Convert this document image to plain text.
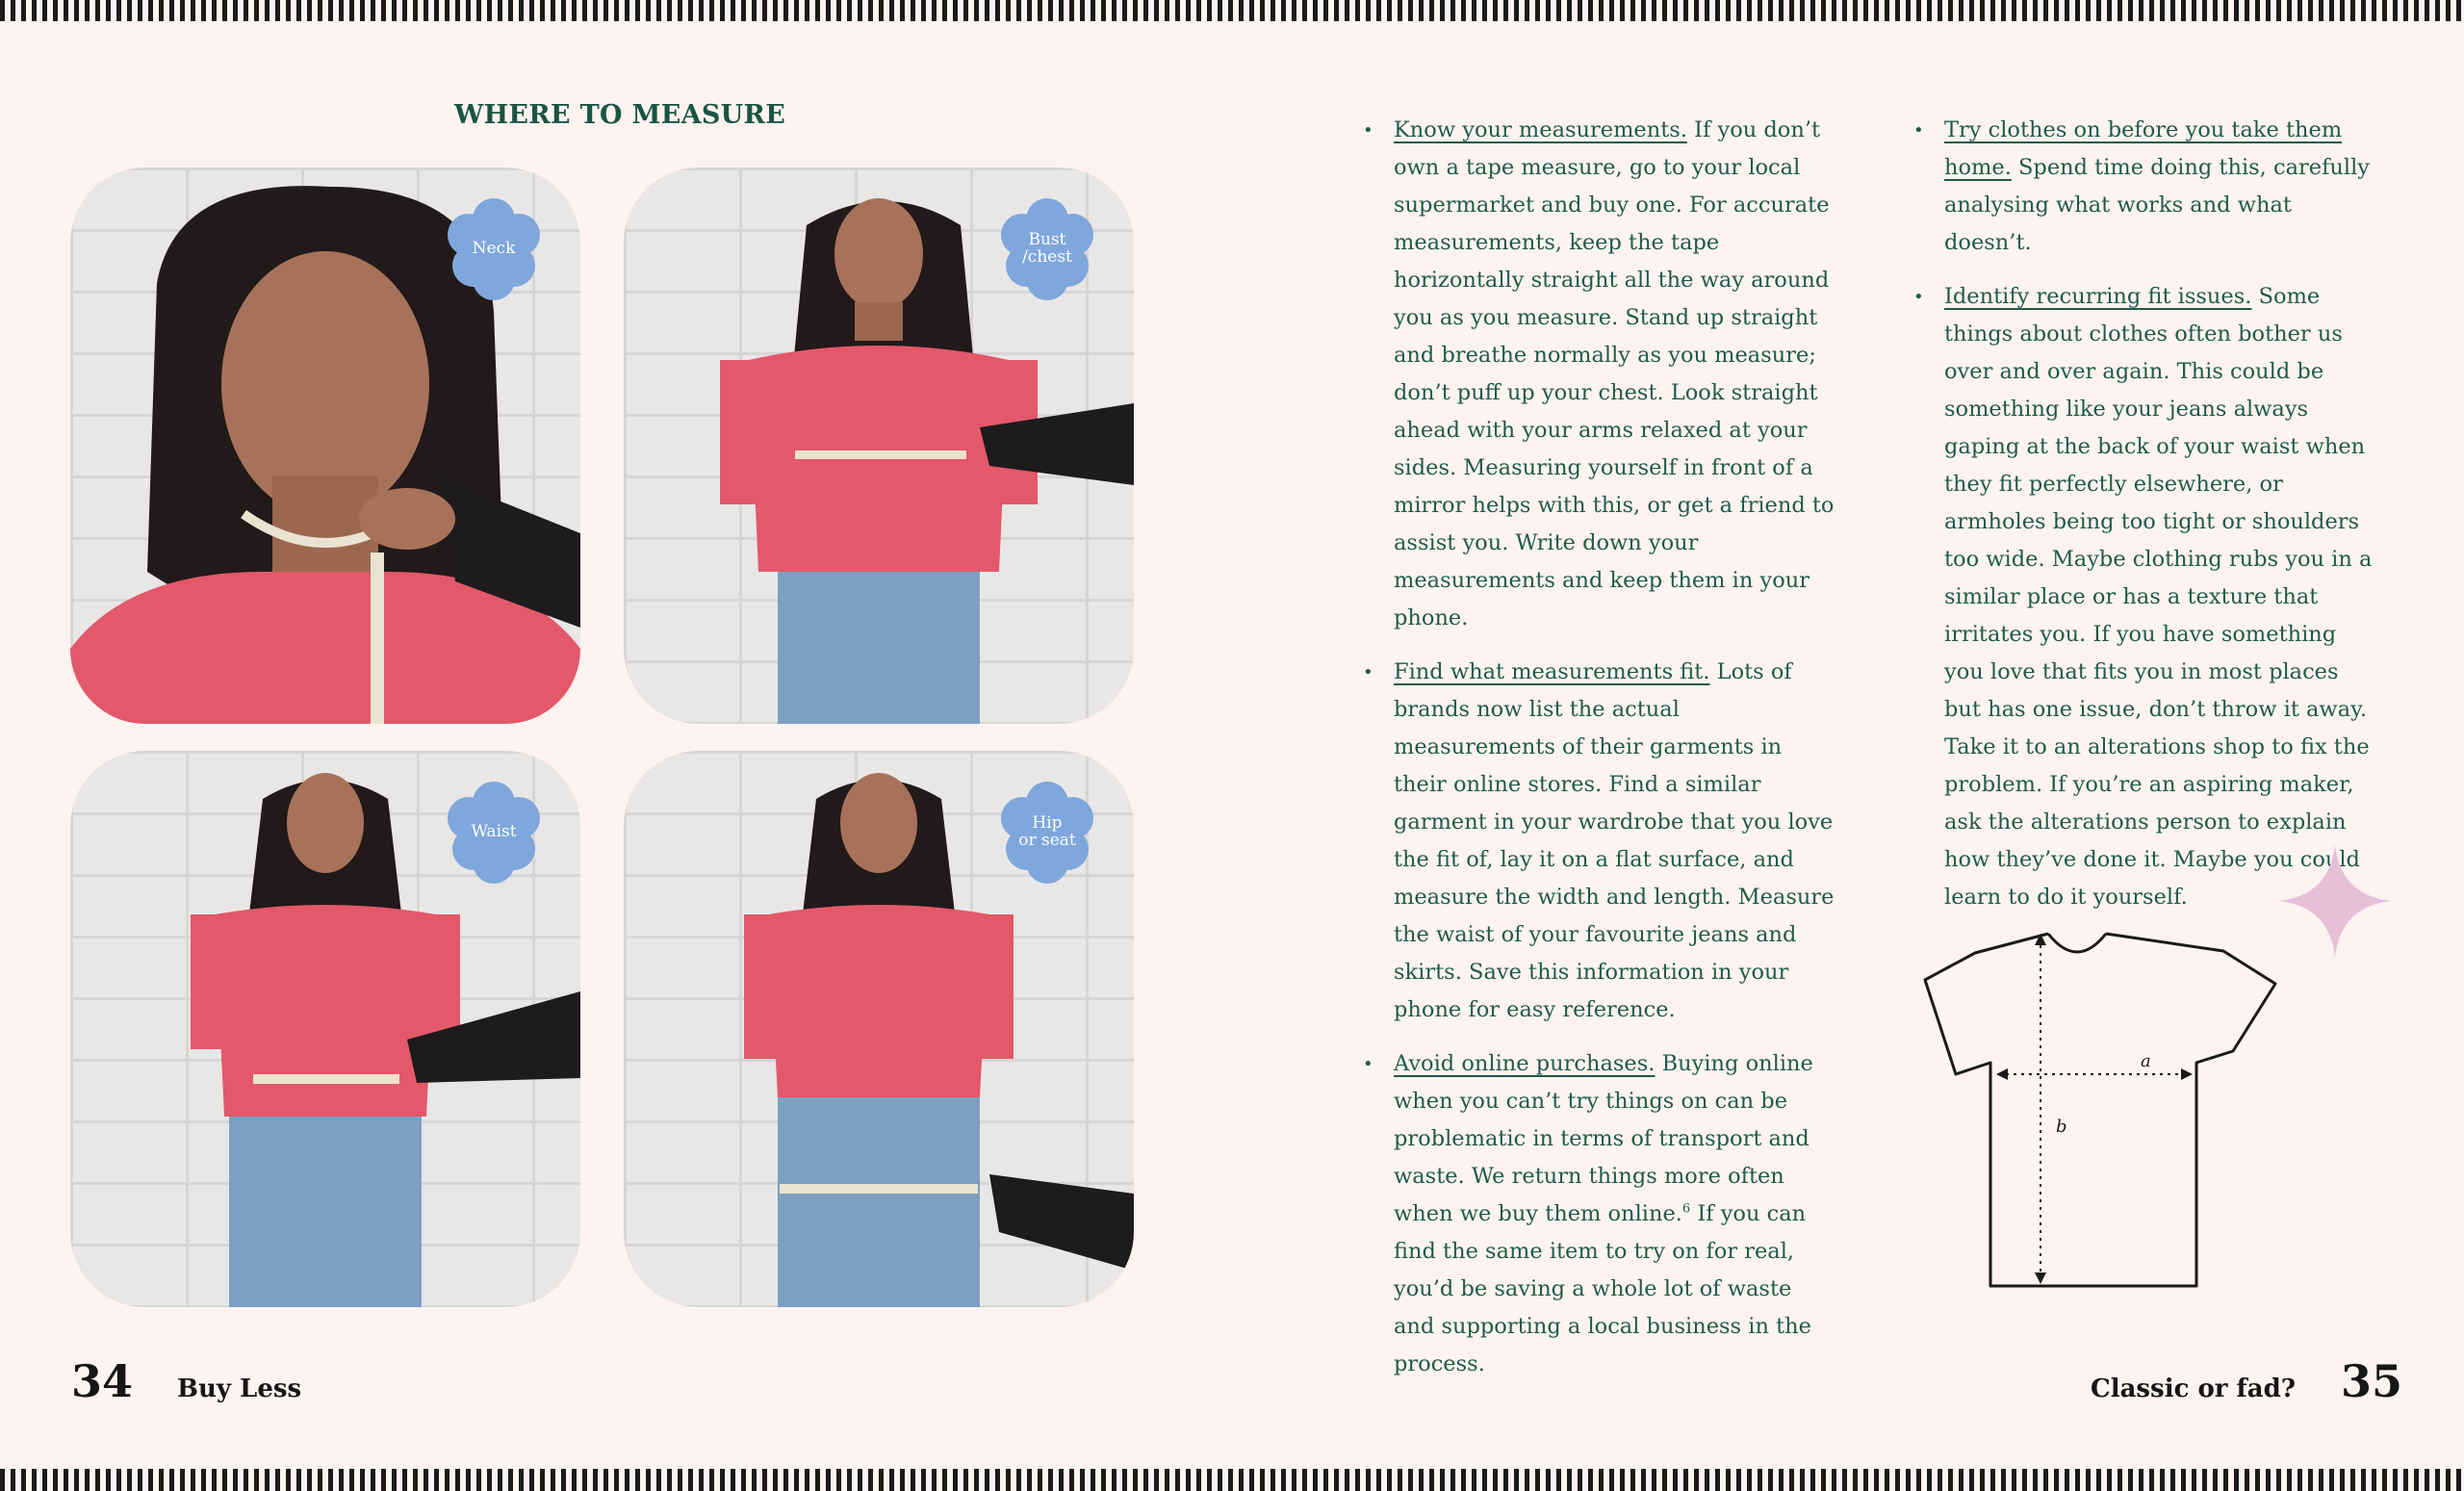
WHERE TO MEASURE
Neck	Bust
/chest
Waist	Hip
or seat
• Know your measurements. If you don’t own a tape measure, go to your local supermarket and buy one. For accurate measurements, keep the tape horizontally straight all the way around you as you measure. Stand up straight and breathe normally as you measure; don’t puff up your chest. Look straight ahead with your arms relaxed at your sides. Measuring yourself in front of a mirror helps with this, or get a friend to assist you. Write down your measurements and keep them in your phone.
• Find what measurements fit. Lots of brands now list the actual measurements of their garments in their online stores. Find a similar garment in your wardrobe that you love the fit of, lay it on a flat surface, and measure the width and length. Measure the waist of your favourite jeans and skirts. Save this information in your phone for easy reference.
• Avoid online purchases. Buying online when you can’t try things on can be problematic in terms of transport and waste. We return things more often when we buy them online.$^6$ If you can find the same item to try on for real, you’d be saving a whole lot of waste and supporting a local business in the process.
• Try clothes on before you take them home. Spend time doing this, carefully analysing what works and what doesn’t.
• Identify recurring fit issues. Some things about clothes often bother us over and over again. This could be something like your jeans always gaping at the back of your waist when they fit perfectly elsewhere, or armholes being too tight or shoulders too wide. Maybe clothing rubs you in a similar place or has a texture that irritates you. If you have something you love that fits you in most places but has one issue, don’t throw it away. Take it to an alterations shop to fix the problem. If you’re an aspiring maker, ask the alterations person to explain how they’ve done it. Maybe you could learn to do it yourself.
a
b
34 Buy Less	Classic or fad? 35
